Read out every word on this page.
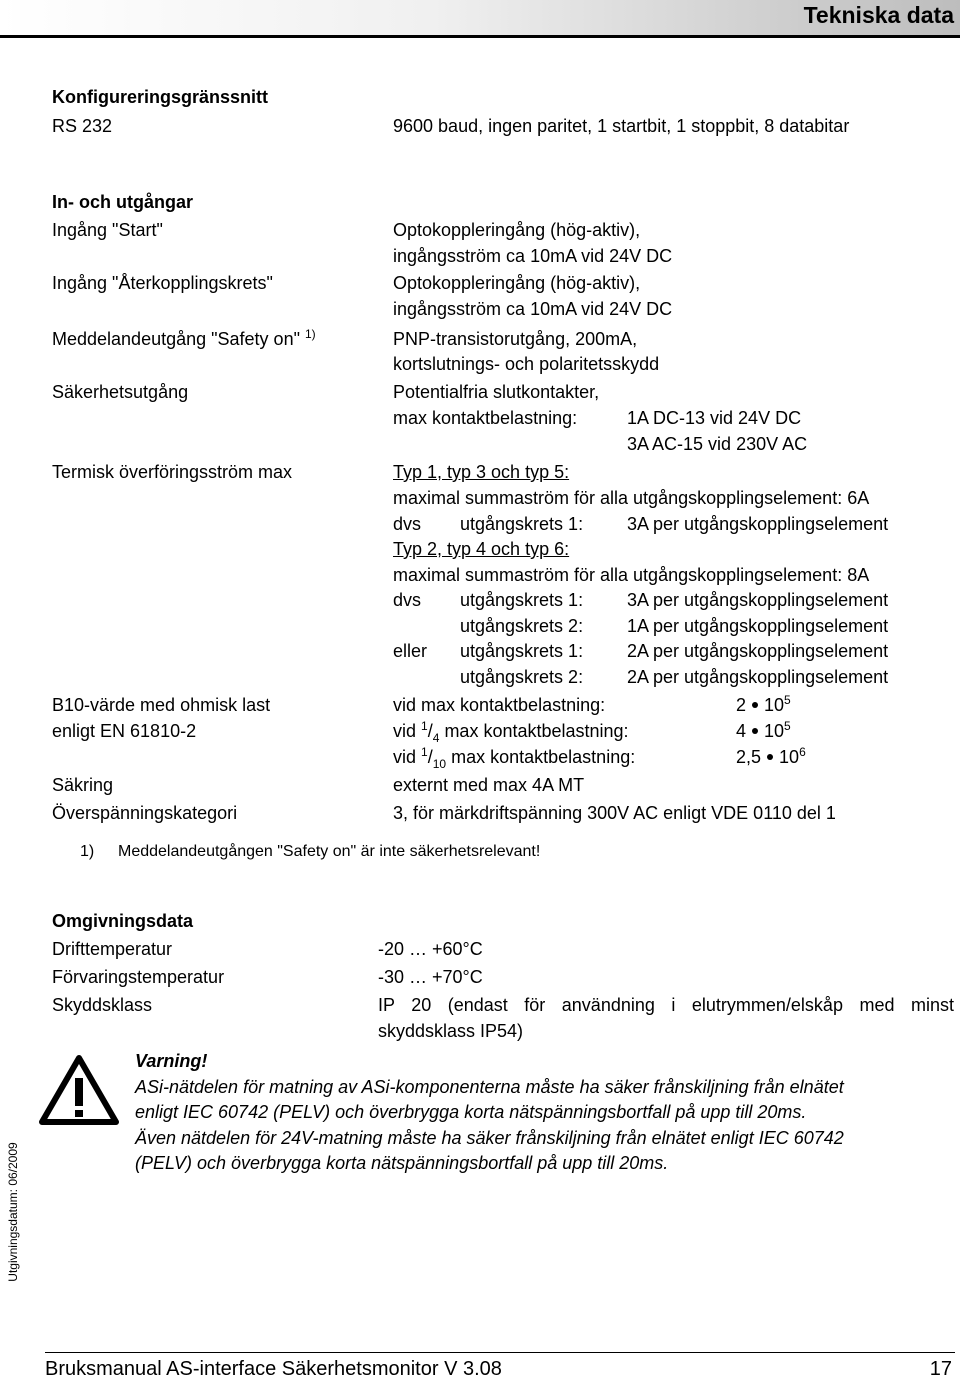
Tekniska data
Konfigureringsgränssnitt
RS 232	9600 baud, ingen paritet, 1 startbit, 1 stoppbit, 8 databitar
In- och utgångar
Ingång "Start"	Optokoppleringång (hög-aktiv),
ingångsström ca 10mA vid 24V DC
Ingång "Återkopplingskrets"	Optokoppleringång (hög-aktiv),
ingångsström ca 10mA vid 24V DC
Meddelandeutgång "Safety on" $^{1)}$	PNP-transistorutgång, 200mA,
kortslutnings- och polaritetsskydd
Säkerhetsutgång	Potentialfria slutkontakter,
max kontaktbelastning:	1A DC-13 vid 24V DC
3A AC-15 vid 230V AC
Termisk överföringsström max	Typ 1, typ 3 och typ 5:
maximal summaström för alla utgångskopplingselement: 6A
dvs utgångskrets 1: 3A per utgångskopplingselement
Typ 2, typ 4 och typ 6:
maximal summaström för alla utgångskopplingselement: 8A
dvs utgångskrets 1: 3A per utgångskopplingselement
utgångskrets 2: 1A per utgångskopplingselement
eller utgångskrets 1: 2A per utgångskopplingselement
utgångskrets 2: 2A per utgångskopplingselement
B10-värde med ohmisk last
enligt EN 61810-2
vid max kontaktbelastning:	2 $10^5$
vid $^1/_4$ max kontaktbelastning:	4 $10^5$
vid $^1/_{10}$ max kontaktbelastning:	2,5 $10^6$
Säkring	externt med max 4A MT
Överspänningskategori	3, för märkdriftspänning 300V AC enligt VDE 0110 del 1
1) Meddelandeutgången "Safety on" är inte säkerhetsrelevant!
Omgivningsdata
Drifttemperatur	-20 … +60°C
Förvaringstemperatur	-30 … +70°C
Skyddsklass	IP 20 (endast för användning i elutrymmen/elskåp med minst
skyddsklass IP54)
Varning!
ASi-nätdelen för matning av ASi-komponenterna måste ha säker frånskiljning från elnätet
enligt IEC 60742 (PELV) och överbrygga korta nätspänningsbortfall på upp till 20ms.
Även nätdelen för 24V-matning måste ha säker frånskiljning från elnätet enligt IEC 60742
(PELV) och överbrygga korta nätspänningsbortfall på upp till 20ms.
Utgivningsdatum: 06/2009
Bruksmanual AS-interface Säkerhetsmonitor V 3.08	17
